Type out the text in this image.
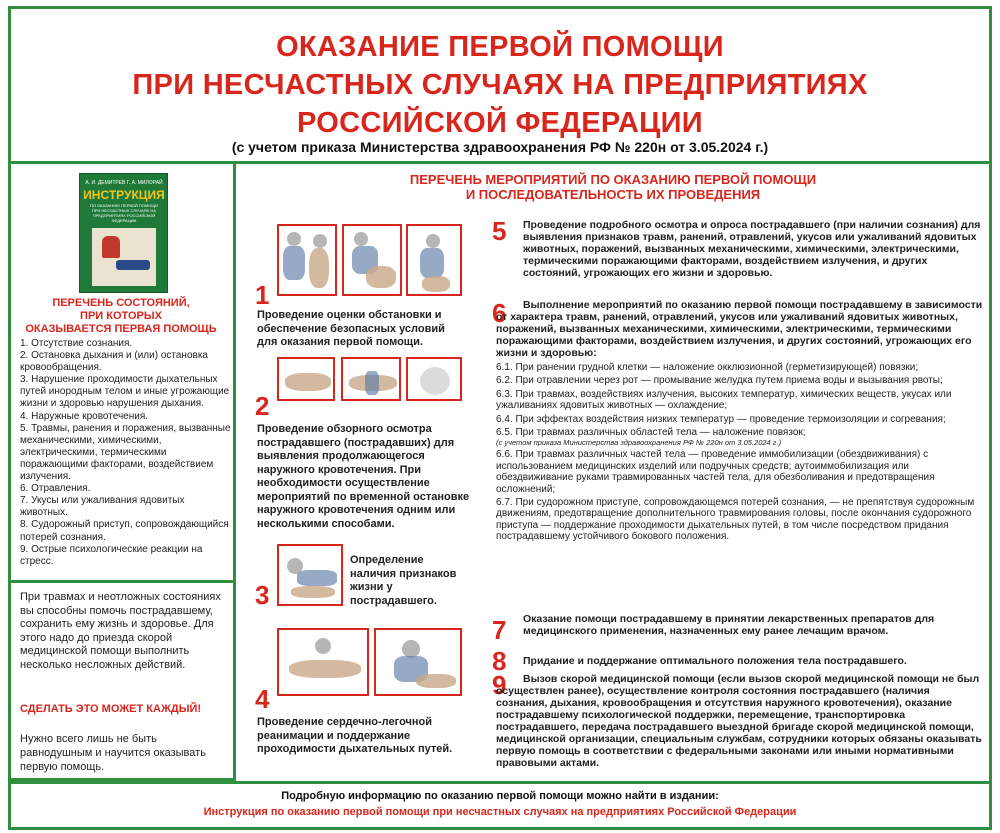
ОКАЗАНИЕ ПЕРВОЙ ПОМОЩИ
ПРИ НЕСЧАСТНЫХ СЛУЧАЯХ НА ПРЕДПРИЯТИЯХ
РОССИЙСКОЙ ФЕДЕРАЦИИ
(с учетом приказа Министерства здравоохранения РФ № 220н от 3.05.2024 г.)
А. И. ДЕМИТРЕВ Г. А. МИЛОРАЙ
ИНСТРУКЦИЯ
ПО ОКАЗАНИЮ ПЕРВОЙ ПОМОЩИ ПРИ НЕСЧАСТНЫХ СЛУЧАЯХ НА ПРЕДПРИЯТИЯХ РОССИЙСКОЙ ФЕДЕРАЦИИ
ПЕРЕЧЕНЬ СОСТОЯНИЙ,
ПРИ КОТОРЫХ
ОКАЗЫВАЕТСЯ ПЕРВАЯ ПОМОЩЬ
1. Отсутствие сознания.
2. Остановка дыхания и (или) остановка кровообращения.
3. Нарушение проходимости дыхательных путей инородным телом и иные угрожающие жизни и здоровью нарушения дыхания.
4. Наружные кровотечения.
5. Травмы, ранения и поражения, вызванные механическими, химическими, электрическими, термическими поражающими факторами, воздействием излучения.
6. Отравления.
7. Укусы или ужаливания ядовитых животных.
8. Судорожный приступ, сопровождающийся потерей сознания.
9. Острые психологические реакции на стресс.
При травмах и неотложных состояниях вы способны помочь пострадавшему, сохранить ему жизнь и здоровье. Для этого надо до приезда скорой медицинской помощи выполнить несколько несложных действий.
СДЕЛАТЬ ЭТО МОЖЕТ КАЖДЫЙ!
Нужно всего лишь не быть равнодушным и научится оказывать первую помощь.
ПЕРЕЧЕНЬ МЕРОПРИЯТИЙ ПО ОКАЗАНИЮ ПЕРВОЙ ПОМОЩИ
И ПОСЛЕДОВАТЕЛЬНОСТЬ ИХ ПРОВЕДЕНИЯ
1
Проведение оценки обстановки и обеспечение безопасных условий для оказания первой помощи.
2
Проведение обзорного осмотра пострадавшего (пострадавших) для выявления продолжающегося наружного кровотечения. При необходимости осуществление мероприятий по временной остановке наружного кровотечения одним или несколькими способами.
3
Определение наличия признаков жизни у пострадавшего.
4
Проведение сердечно-легочной реанимации и поддержание проходимости дыхательных путей.
5 Проведение подробного осмотра и опроса пострадавшего (при наличии сознания) для выявления признаков травм, ранений, отравлений, укусов или ужаливаний ядовитых животных, поражений, вызванных механическими, химическими, электрическими, термическими поражающими факторами, воздействием излучения, и других состояний, угрожающих его жизни и здоровью.
6	Выполнение мероприятий по оказанию первой помощи пострадавшему в зависимости от характера травм, ранений, отравлений, укусов или ужаливаний ядовитых животных, поражений, вызванных механическими, химическими, электрическими, термическими поражающими факторами, воздействием излучения, и других состояний, угрожающих его жизни и здоровью:
6.1. При ранении грудной клетки — наложение окклюзионной (герметизирующей) повязки;
6.2. При отравлении через рот — промывание желудка путем приема воды и вызывания рвоты;
6.3. При травмах, воздействиях излучения, высоких температур, химических веществ, укусах или ужаливаниях ядовитых животных — охлаждение;
6.4. При эффектах воздействия низких температур — проведение термоизоляции и согревания;
6.5. При травмах различных областей тела — наложение повязок;
(с учетом приказа Министерства здравоохранения РФ № 220н от 3.05.2024 г.)
6.6. При травмах различных частей тела — проведение иммобилизации (обездвиживания) с использованием медицинских изделий или подручных средств; аутоиммобилизация или обездвиживание руками травмированных частей тела, для обезболивания и предотвращения осложнений;
6.7. При судорожном приступе, сопровождающемся потерей сознания, — не препятствуя судорожным движениям, предотвращение дополнительного травмирования головы, после окончания судорожного приступа — поддержание проходимости дыхательных путей, в том числе посредством придания пострадавшему устойчивого бокового положения.
7 Оказание помощи пострадавшему в принятии лекарственных препаратов для медицинского применения, назначенных ему ранее лечащим врачом.
8 Придание и поддержание оптимального положения тела пострадавшего.
9	Вызов скорой медицинской помощи (если вызов скорой медицинской помощи не был осуществлен ранее), осуществление контроля состояния пострадавшего (наличия сознания, дыхания, кровообращения и отсутствия наружного кровотечения), оказание пострадавшему психологической поддержки, перемещение, транспортировка пострадавшего, передача пострадавшего выездной бригаде скорой медицинской помощи, медицинской организации, специальным службам, сотрудники которых обязаны оказывать первую помощь в соответствии с федеральными законами или иными нормативными правовыми актами.
Подробную информацию по оказанию первой помощи можно найти в издании:
Инструкция по оказанию первой помощи при несчастных случаях на предприятиях Российской Федерации
